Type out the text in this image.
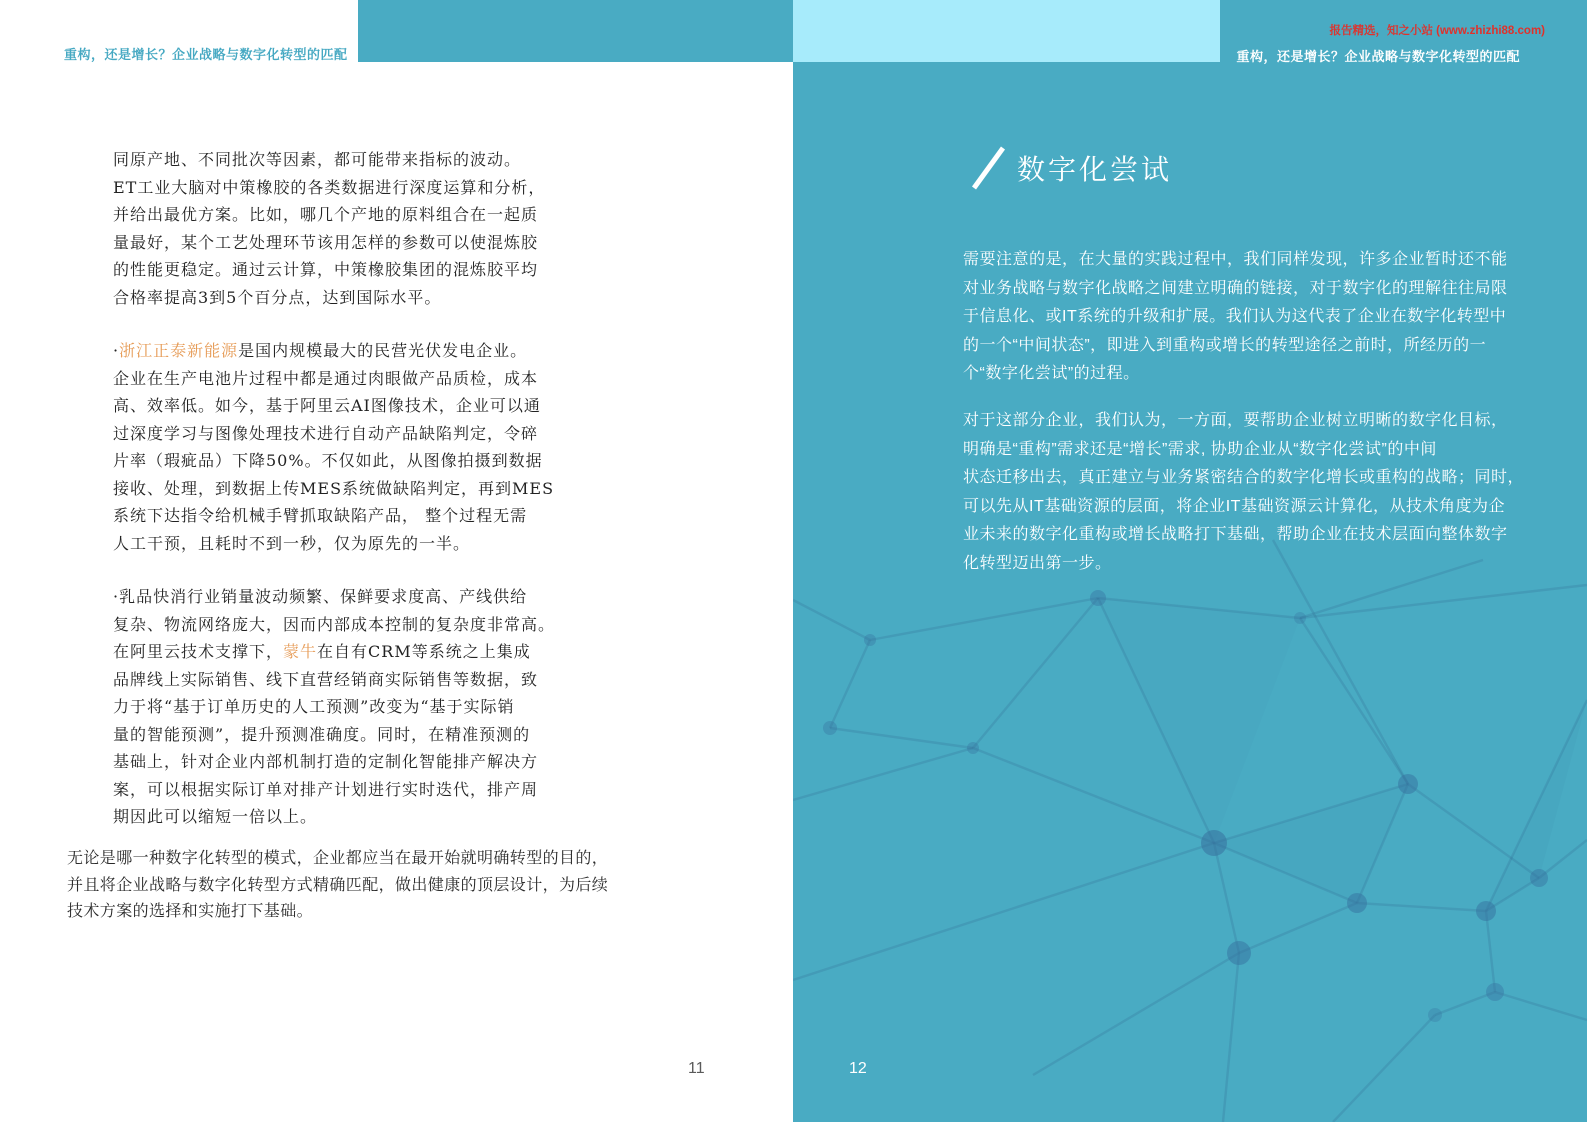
重构，还是增长？企业战略与数字化转型的匹配
同原产地、不同批次等因素，都可能带来指标的波动。
ET工业大脑对中策橡胶的各类数据进行深度运算和分析，
并给出最优方案。比如，哪几个产地的原料组合在一起质
量最好，某个工艺处理环节该用怎样的参数可以使混炼胶
的性能更稳定。通过云计算，中策橡胶集团的混炼胶平均
合格率提高3到5个百分点，达到国际水平。
·浙江正泰新能源是国内规模最大的民营光伏发电企业。
企业在生产电池片过程中都是通过肉眼做产品质检，成本
高、效率低。如今，基于阿里云AI图像技术，企业可以通
过深度学习与图像处理技术进行自动产品缺陷判定，令碎
片率（瑕疵品）下降50%。不仅如此，从图像拍摄到数据
接收、处理，到数据上传MES系统做缺陷判定，再到MES
系统下达指令给机械手臂抓取缺陷产品， 整个过程无需
人工干预，且耗时不到一秒，仅为原先的一半。
·乳品快消行业销量波动频繁、保鲜要求度高、产线供给
复杂、物流网络庞大，因而内部成本控制的复杂度非常高。
在阿里云技术支撑下，蒙牛在自有CRM等系统之上集成
品牌线上实际销售、线下直营经销商实际销售等数据，致
力于将“基于订单历史的人工预测”改变为“基于实际销
量的智能预测”，提升预测准确度。同时，在精准预测的
基础上，针对企业内部机制打造的定制化智能排产解决方
案，可以根据实际订单对排产计划进行实时迭代，排产周
期因此可以缩短一倍以上。
无论是哪一种数字化转型的模式，企业都应当在最开始就明确转型的目的，
并且将企业战略与数字化转型方式精确匹配，做出健康的顶层设计，为后续
技术方案的选择和实施打下基础。
11
报告精选，知之小站 (www.zhizhi88.com)
重构，还是增长？企业战略与数字化转型的匹配
数字化尝试
需要注意的是，在大量的实践过程中，我们同样发现，许多企业暂时还不能
对业务战略与数字化战略之间建立明确的链接，对于数字化的理解往往局限
于信息化、或IT系统的升级和扩展。我们认为这代表了企业在数字化转型中
的一个“中间状态”，即进入到重构或增长的转型途径之前时，所经历的一
个“数字化尝试”的过程。
对于这部分企业，我们认为，一方面，要帮助企业树立明晰的数字化目标，
明确是“重构”需求还是“增长”需求, 协助企业从“数字化尝试”的中间
状态迁移出去，真正建立与业务紧密结合的数字化增长或重构的战略；同时，
可以先从IT基础资源的层面，将企业IT基础资源云计算化，从技术角度为企
业未来的数字化重构或增长战略打下基础，帮助企业在技术层面向整体数字
化转型迈出第一步。
12
